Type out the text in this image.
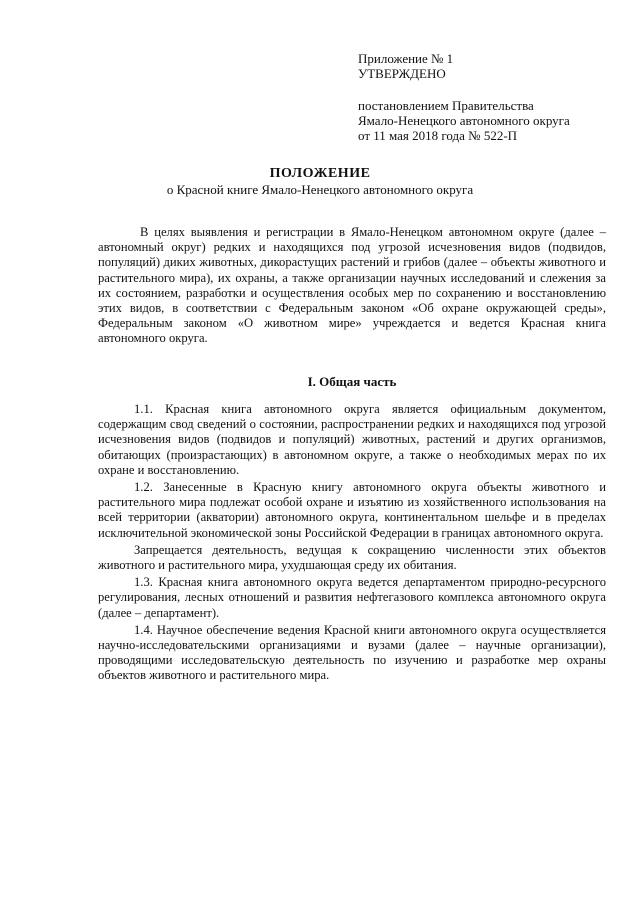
Приложение № 1
УТВЕРЖДЕНО
постановлением Правительства
Ямало-Ненецкого автономного округа
от 11 мая 2018 года № 522-П
ПОЛОЖЕНИЕ
о Красной книге Ямало-Ненецкого автономного округа

В целях выявления и регистрации в Ямало-Ненецком автономном округе (далее – автономный округ) редких и находящихся под угрозой исчезновения видов (подвидов, популяций) диких животных, дикорастущих растений и грибов (далее – объекты животного и растительного мира), их охраны, а также организации научных исследований и слежения за их состоянием, разработки и осуществления особых мер по сохранению и восстановлению этих видов, в соответствии с Федеральным законом «Об охране окружающей среды», Федеральным законом «О животном мире» учреждается и ведется Красная книга автономного округа.

I. Общая часть

1.1. Красная книга автономного округа является официальным документом, содержащим свод сведений о состоянии, распространении редких и находящихся под угрозой исчезновения видов (подвидов и популяций) животных, растений и других организмов, обитающих (произрастающих) в автономном округе, а также о необходимых мерах по их охране и восстановлению.

1.2. Занесенные в Красную книгу автономного округа объекты животного и растительного мира подлежат особой охране и изъятию из хозяйственного использования на всей территории (акватории) автономного округа, континентальном шельфе и в пределах исключительной экономической зоны Российской Федерации в границах автономного округа.

Запрещается деятельность, ведущая к сокращению численности этих объектов животного и растительного мира, ухудшающая среду их обитания.

1.3. Красная книга автономного округа ведется департаментом природно-ресурсного регулирования, лесных отношений и развития нефтегазового комплекса автономного округа (далее – департамент).

1.4. Научное обеспечение ведения Красной книги автономного округа осуществляется научно-исследовательскими организациями и вузами (далее – научные организации), проводящими исследовательскую деятельность по изучению и разработке мер охраны объектов животного и растительного мира.
